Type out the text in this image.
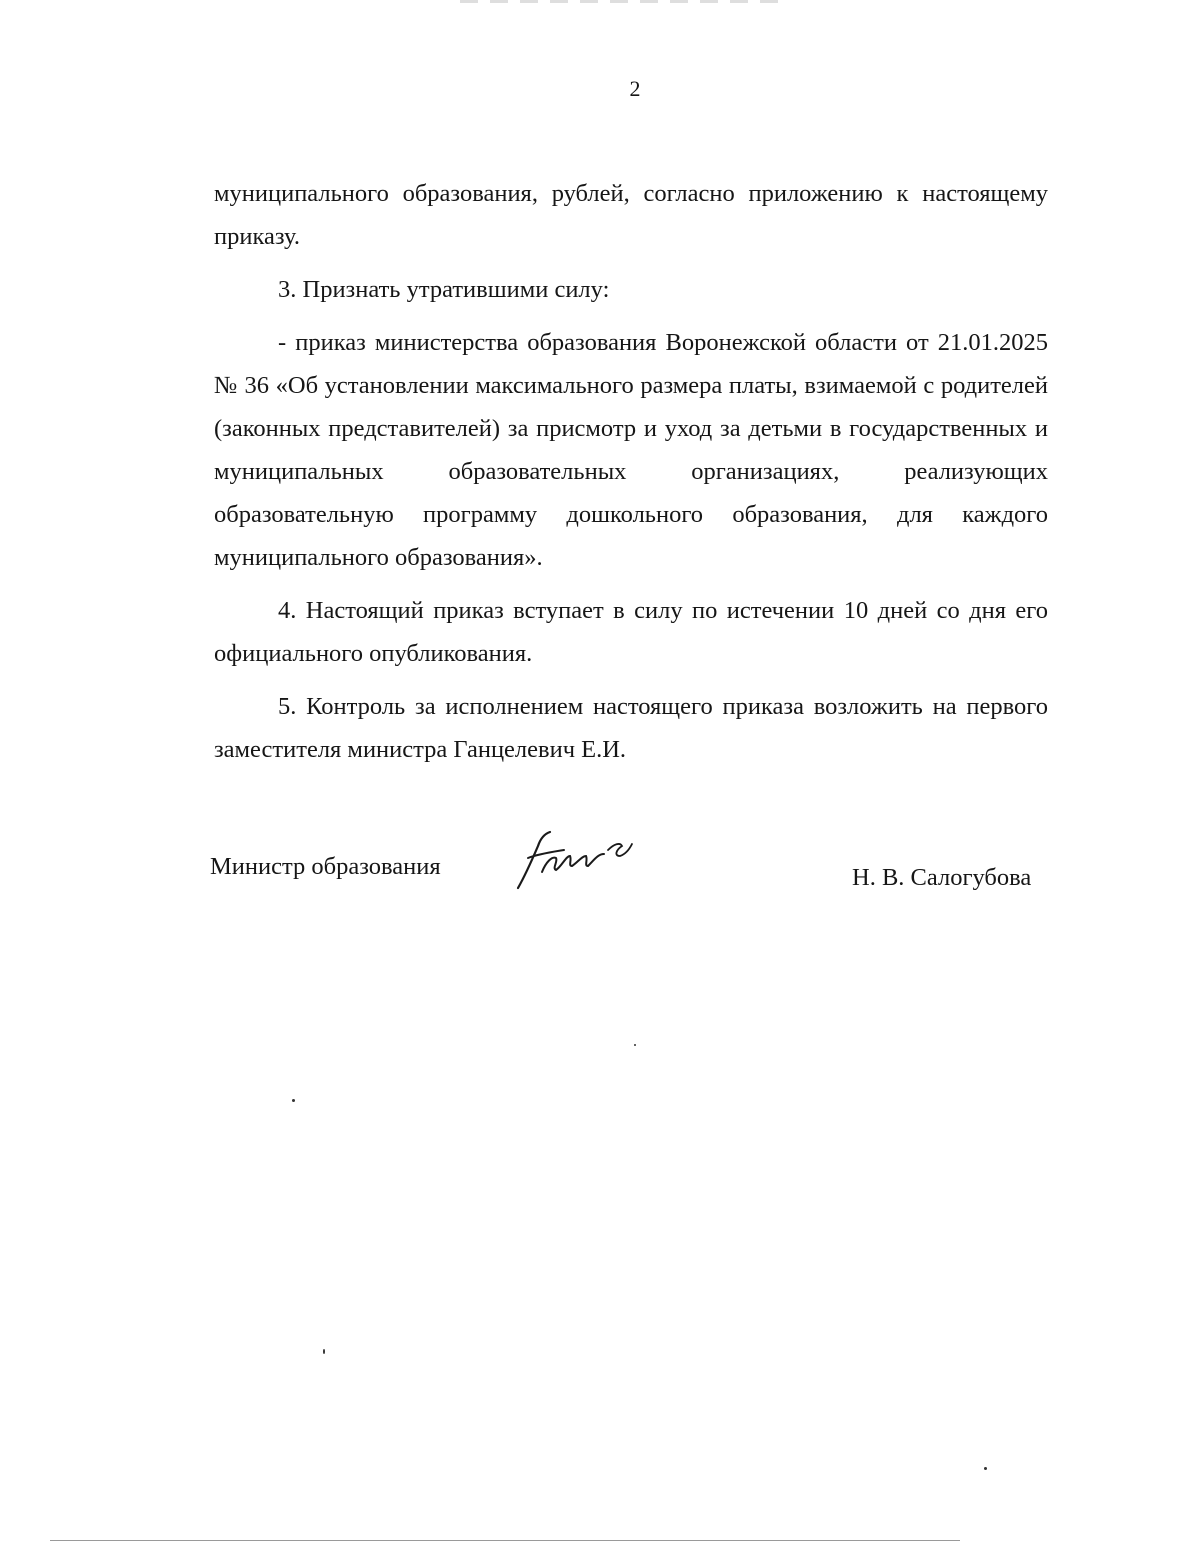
2

муниципального образования, рублей, согласно приложению к настоящему приказу.

3. Признать утратившими силу:

- приказ министерства образования Воронежской области от 21.01.2025 № 36 «Об установлении максимального размера платы, взимаемой с родителей (законных представителей) за присмотр и уход за детьми в государственных и муниципальных образовательных организациях, реализующих образовательную программу дошкольного образования, для каждого муниципального образования».

4. Настоящий приказ вступает в силу по истечении 10 дней со дня его официального опубликования.

5. Контроль за исполнением настоящего приказа возложить на первого заместителя министра Ганцелевич Е.И.

Министр образования	Н. В. Салогубова
